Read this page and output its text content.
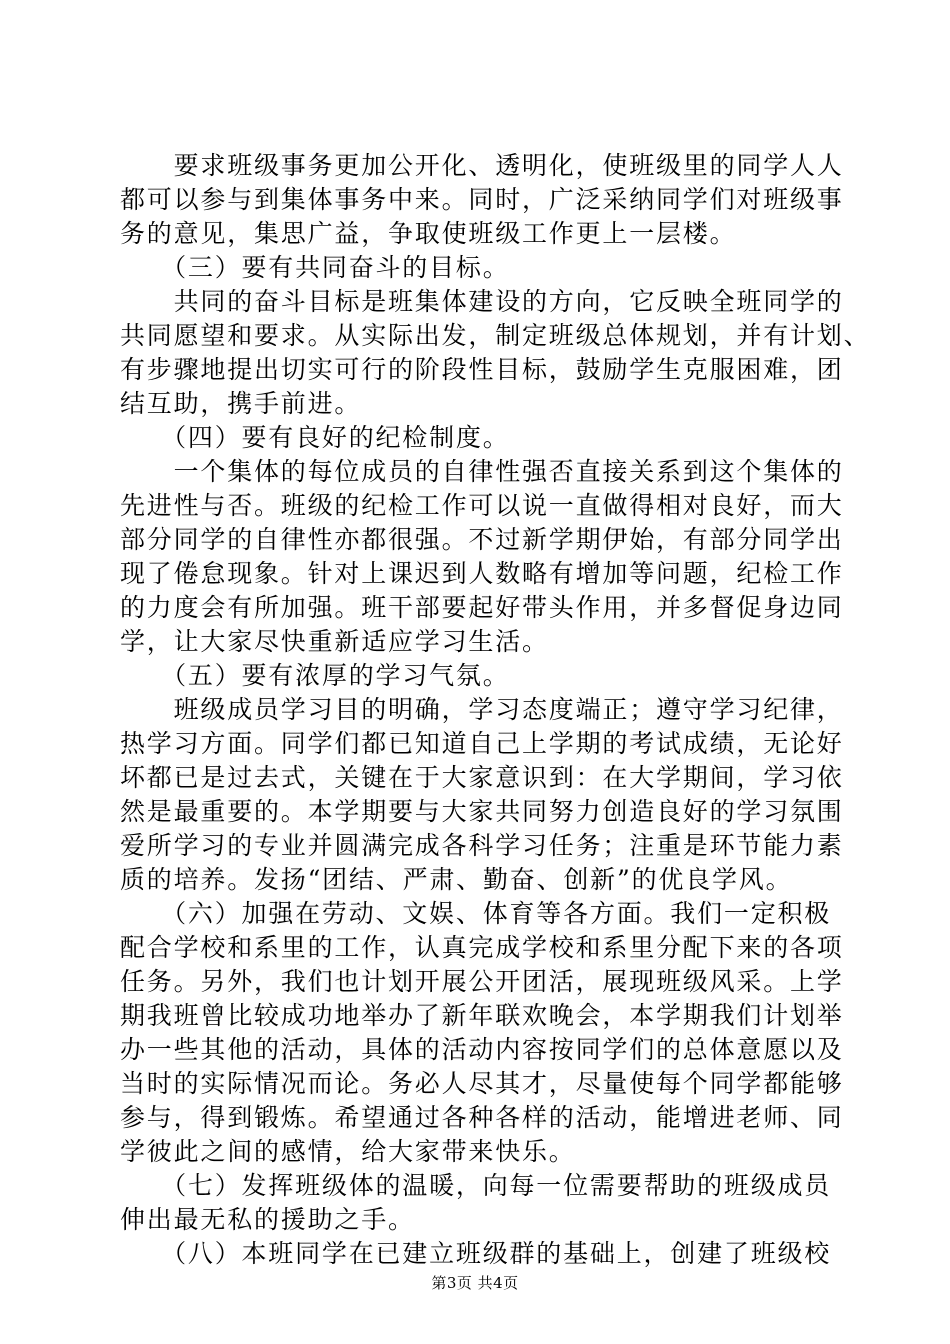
　　要求班级事务更加公开化、透明化，使班级里的同学人人
都可以参与到集体事务中来。同时，广泛采纳同学们对班级事
务的意见，集思广益，争取使班级工作更上一层楼。
　　（三）要有共同奋斗的目标。
　　共同的奋斗目标是班集体建设的方向，它反映全班同学的
共同愿望和要求。从实际出发，制定班级总体规划，并有计划、
有步骤地提出切实可行的阶段性目标，鼓励学生克服困难，团
结互助，携手前进。
　　（四）要有良好的纪检制度。
　　一个集体的每位成员的自律性强否直接关系到这个集体的
先进性与否。班级的纪检工作可以说一直做得相对良好，而大
部分同学的自律性亦都很强。不过新学期伊始，有部分同学出
现了倦怠现象。针对上课迟到人数略有增加等问题，纪检工作
的力度会有所加强。班干部要起好带头作用，并多督促身边同
学，让大家尽快重新适应学习生活。
　　（五）要有浓厚的学习气氛。
　　班级成员学习目的明确，学习态度端正；遵守学习纪律，
热学习方面。同学们都已知道自己上学期的考试成绩，无论好
坏都已是过去式，关键在于大家意识到：在大学期间，学习依
然是最重要的。本学期要与大家共同努力创造良好的学习氛围
爱所学习的专业并圆满完成各科学习任务；注重是环节能力素
质的培养。发扬“团结、严肃、勤奋、创新”的优良学风。
　　（六）加强在劳动、文娱、体育等各方面。我们一定积极
配合学校和系里的工作，认真完成学校和系里分配下来的各项
任务。另外，我们也计划开展公开团活，展现班级风采。上学
期我班曾比较成功地举办了新年联欢晚会，本学期我们计划举
办一些其他的活动，具体的活动内容按同学们的总体意愿以及
当时的实际情况而论。务必人尽其才，尽量使每个同学都能够
参与，得到锻炼。希望通过各种各样的活动，能增进老师、同
学彼此之间的感情，给大家带来快乐。
　　（七）发挥班级体的温暖，向每一位需要帮助的班级成员
伸出最无私的援助之手。
　　（八）本班同学在已建立班级群的基础上，创建了班级校
第3页 共4页
